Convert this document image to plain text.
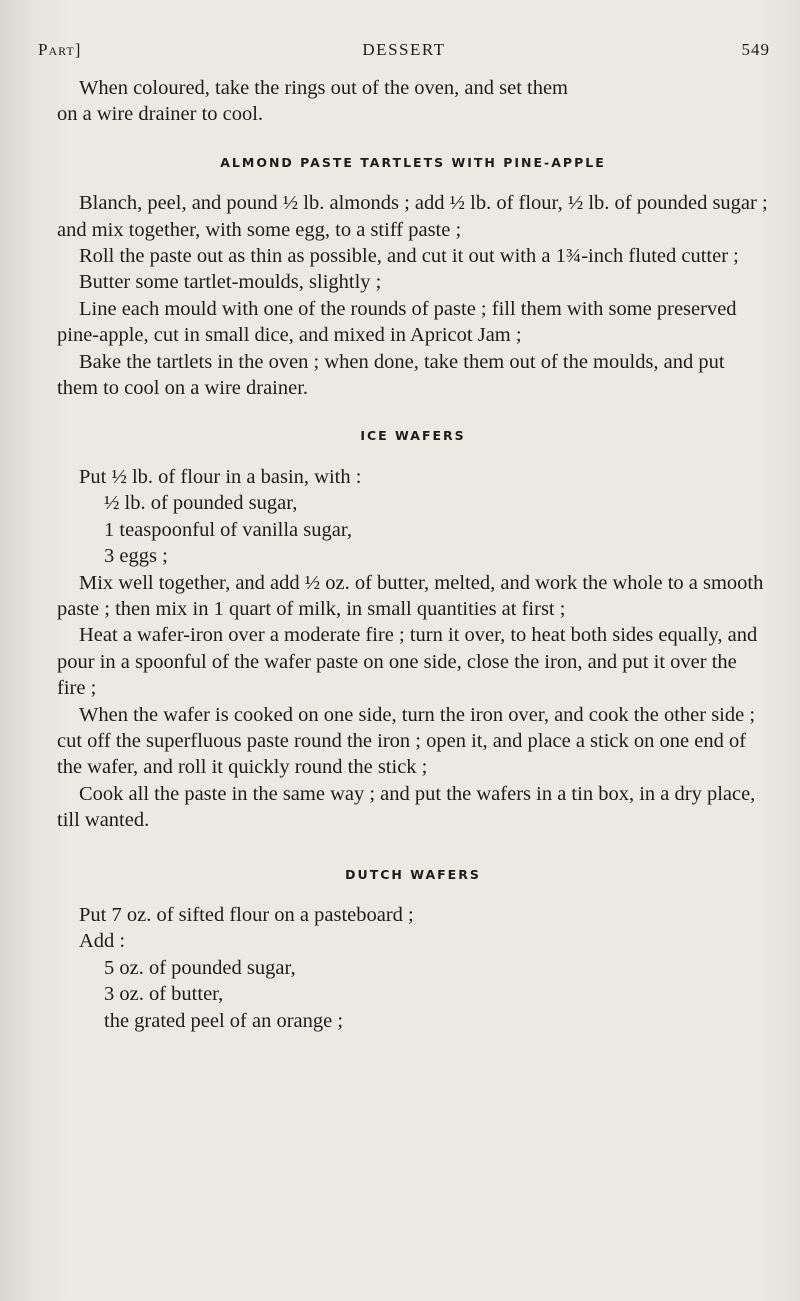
Part]	DESSERT	549

When coloured, take the rings out of the oven, and set them

on a wire drainer to cool.

ALMOND PASTE TARTLETS WITH PINE-APPLE

Blanch, peel, and pound ½ lb. almonds ; add ½ lb. of flour, ½ lb. of pounded sugar ; and mix together, with some egg, to a stiff paste ;

Roll the paste out as thin as possible, and cut it out with a 1¾-inch fluted cutter ;

Butter some tartlet-moulds, slightly ;

Line each mould with one of the rounds of paste ; fill them with some preserved pine-apple, cut in small dice, and mixed in Apricot Jam ;

Bake the tartlets in the oven ; when done, take them out of the moulds, and put them to cool on a wire drainer.

ICE WAFERS

Put ½ lb. of flour in a basin, with :

½ lb. of pounded sugar,

1 teaspoonful of vanilla sugar,

3 eggs ;

Mix well together, and add ½ oz. of butter, melted, and work the whole to a smooth paste ; then mix in 1 quart of milk, in small quantities at first ;

Heat a wafer-iron over a moderate fire ; turn it over, to heat both sides equally, and pour in a spoonful of the wafer paste on one side, close the iron, and put it over the fire ;

When the wafer is cooked on one side, turn the iron over, and cook the other side ; cut off the superfluous paste round the iron ; open it, and place a stick on one end of the wafer, and roll it quickly round the stick ;

Cook all the paste in the same way ; and put the wafers in a tin box, in a dry place, till wanted.

DUTCH WAFERS

Put 7 oz. of sifted flour on a pasteboard ;

Add :

5 oz. of pounded sugar,

3 oz. of butter,

the grated peel of an orange ;
